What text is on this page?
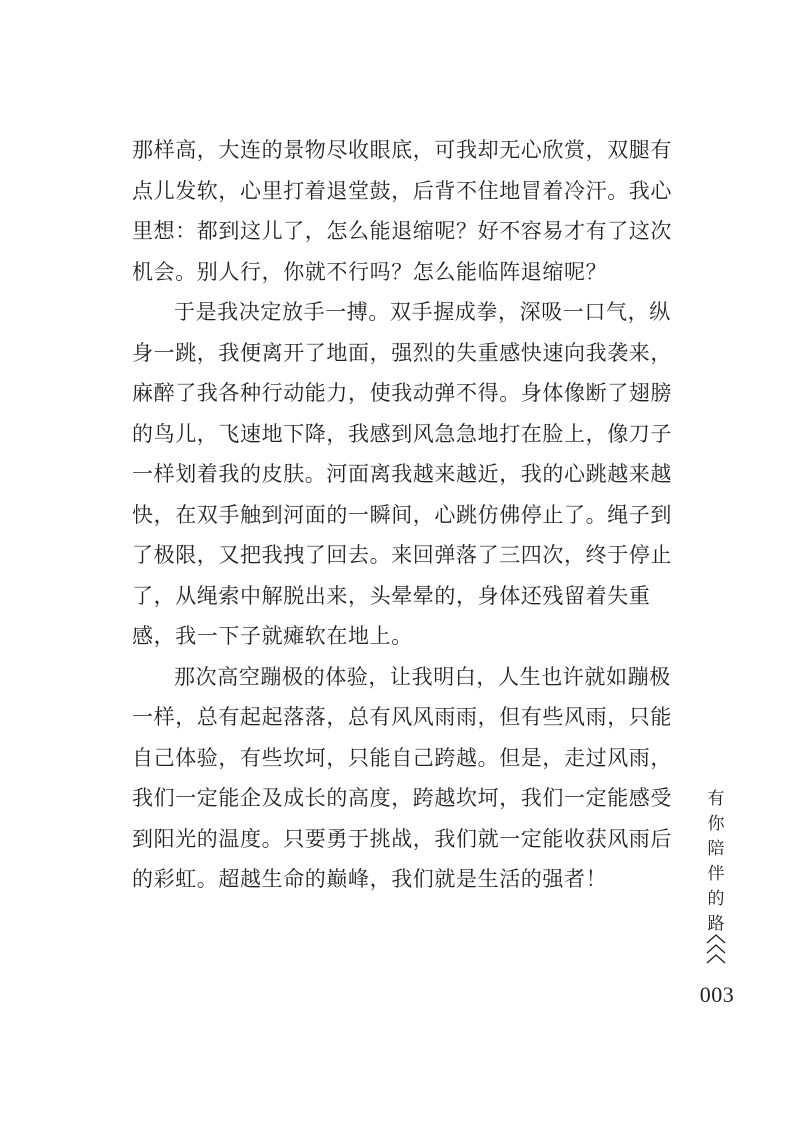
那样高，大连的景物尽收眼底，可我却无心欣赏，双腿有
点儿发软，心里打着退堂鼓，后背不住地冒着冷汗。我心
里想：都到这儿了，怎么能退缩呢？好不容易才有了这次
机会。别人行，你就不行吗？怎么能临阵退缩呢？
于是我决定放手一搏。双手握成拳，深吸一口气，纵
身一跳，我便离开了地面，强烈的失重感快速向我袭来，
麻醉了我各种行动能力，使我动弹不得。身体像断了翅膀
的鸟儿，飞速地下降，我感到风急急地打在脸上，像刀子
一样划着我的皮肤。河面离我越来越近，我的心跳越来越
快，在双手触到河面的一瞬间，心跳仿佛停止了。绳子到
了极限，又把我拽了回去。来回弹落了三四次，终于停止
了，从绳索中解脱出来，头晕晕的，身体还残留着失重
感，我一下子就瘫软在地上。
那次高空蹦极的体验，让我明白，人生也许就如蹦极
一样，总有起起落落，总有风风雨雨，但有些风雨，只能
自己体验，有些坎坷，只能自己跨越。但是，走过风雨，
我们一定能企及成长的高度，跨越坎坷，我们一定能感受
到阳光的温度。只要勇于挑战，我们就一定能收获风雨后
的彩虹。超越生命的巅峰，我们就是生活的强者！
有
你
陪
伴
的
路
003
